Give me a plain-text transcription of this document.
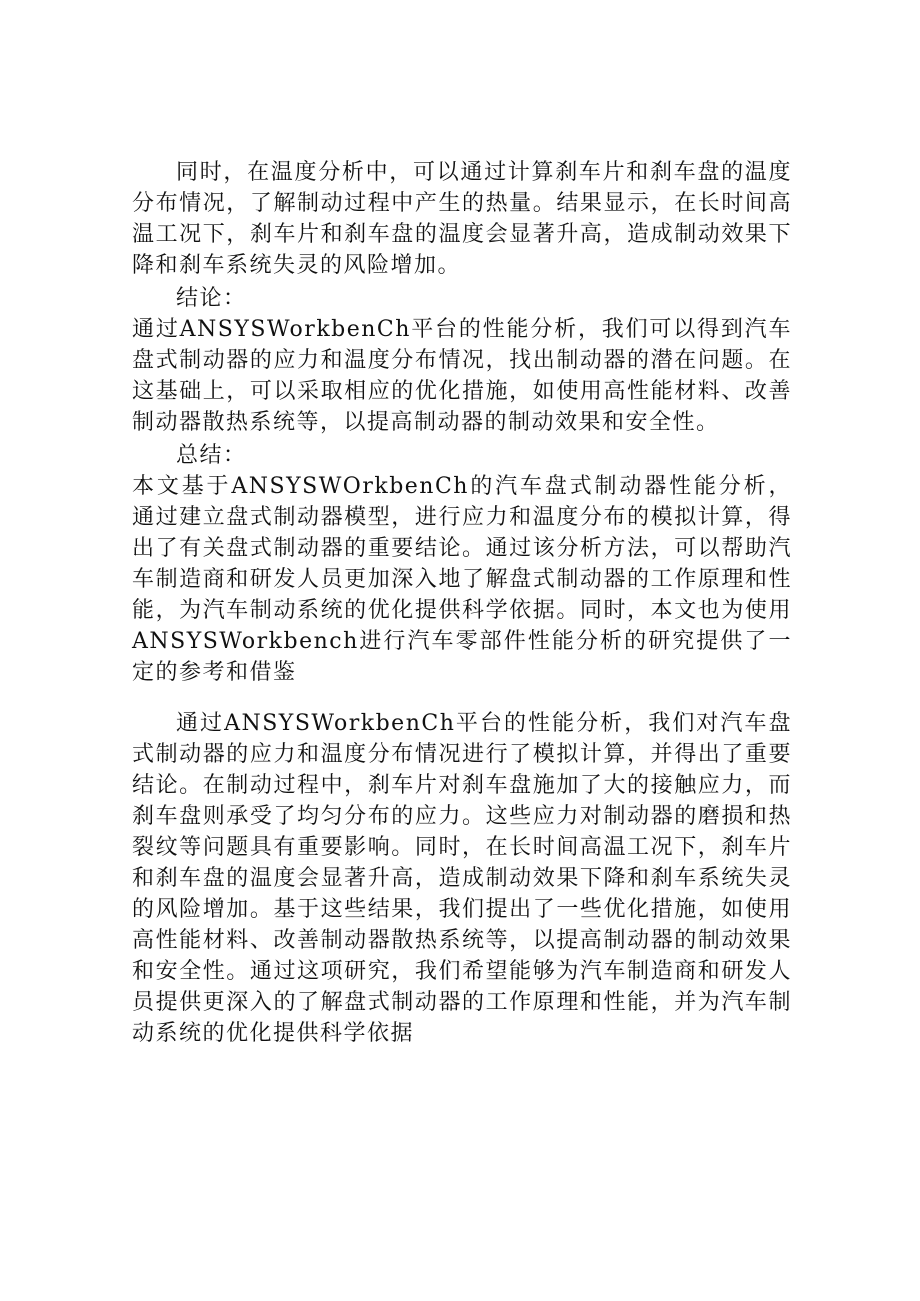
同时，在温度分析中，可以通过计算刹车片和刹车盘的温度分布情况，了解制动过程中产生的热量。结果显示，在长时间高温工况下，刹车片和刹车盘的温度会显著升高，造成制动效果下降和刹车系统失灵的风险增加。

结论：

通过ANSYSWorkbenCh平台的性能分析，我们可以得到汽车盘式制动器的应力和温度分布情况，找出制动器的潜在问题。在这基础上，可以采取相应的优化措施，如使用高性能材料、改善制动器散热系统等，以提高制动器的制动效果和安全性。

总结：

本文基于ANSYSWOrkbenCh的汽车盘式制动器性能分析，通过建立盘式制动器模型，进行应力和温度分布的模拟计算，得出了有关盘式制动器的重要结论。通过该分析方法，可以帮助汽车制造商和研发人员更加深入地了解盘式制动器的工作原理和性能，为汽车制动系统的优化提供科学依据。同时，本文也为使用ANSYSWorkbench进行汽车零部件性能分析的研究提供了一定的参考和借鉴

通过ANSYSWorkbenCh平台的性能分析，我们对汽车盘式制动器的应力和温度分布情况进行了模拟计算，并得出了重要结论。在制动过程中，刹车片对刹车盘施加了大的接触应力，而刹车盘则承受了均匀分布的应力。这些应力对制动器的磨损和热裂纹等问题具有重要影响。同时，在长时间高温工况下，刹车片和刹车盘的温度会显著升高，造成制动效果下降和刹车系统失灵的风险增加。基于这些结果，我们提出了一些优化措施，如使用高性能材料、改善制动器散热系统等，以提高制动器的制动效果和安全性。通过这项研究，我们希望能够为汽车制造商和研发人员提供更深入的了解盘式制动器的工作原理和性能，并为汽车制动系统的优化提供科学依据
